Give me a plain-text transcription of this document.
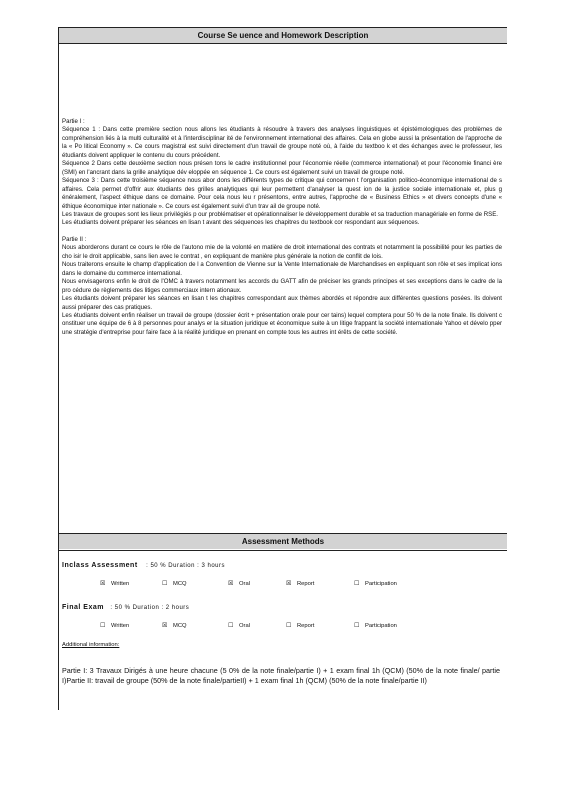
Course Se uence and Homework Description

Partie I :

Séquence 1 : Dans cette première section nous allons les étudiants à résoudre à travers des analyses linguistiques et épistémologiques des problèmes de compréhension liés à la multi culturalité et à l'interdisciplinar ité de l'environnement international des affaires. Cela en globe aussi la présentation de l'approche de la « Po litical Economy ». Ce cours magistral est suivi directement d'un travail de groupe noté où, à l'aide du textboo k et des échanges avec le professeur, les étudiants doivent appliquer le contenu du cours précédent.

Séquence 2 Dans cette deuxième section nous présen tons le cadre institutionnel pour l'économie réelle (commerce international) et pour l'économie financi ère (SMI) en l'ancrant dans la grille analytique dév eloppée en séquence 1. Ce cours est également suivi un travail de groupe noté.

Séquence 3 : Dans cette troisième séquence nous abor dons les différents types de critique qui concernen t l'organisation politico-économique international de s affaires. Cela permet d'offrir aux étudiants des grilles analytiques qui leur permettent d'analyser la quest ion de la justice sociale internationale et, plus g énéralement, l'aspect éthique dans ce domaine. Pour cela nous leu r présentons, entre autres, l'approche de « Business Ethics » et divers concepts d'une « éthique économique inter nationale ». Ce cours est également suivi d'un trav ail de groupe noté.

Les travaux de groupes sont les lieux privilégiés p our problématiser et opérationnaliser le développement durable et sa traduction managériale en forme de RSE.

Les étudiants doivent préparer les séances en lisan t avant des séquences les chapitres du textbook cor respondant aux séquences.

Partie II :

Nous aborderons durant ce cours le rôle de l'autono mie de la volonté en matière de droit international des contrats et notamment la possibilité pour les parties de cho isir le droit applicable, sans lien avec le contrat , en expliquant de manière plus générale la notion de conflit de lois.

Nous traiterons ensuite le champ d'application de l a Convention de Vienne sur la Vente Internationale de Marchandises en expliquant son rôle et ses implicat ions dans le domaine du commerce international.

Nous envisagerons enfin le droit de l'OMC à travers notamment les accords du GATT afin de préciser les grands principes et ses exceptions dans le cadre de la pro cédure de règlements des litiges commerciaux intern ationaux.

Les étudiants doivent préparer les séances en lisan t les chapitres correspondant aux thèmes abordés et répondre aux différentes questions posées. Ils doivent aussi préparer des cas pratiques.

Les étudiants doivent enfin réaliser un travail de groupe (dossier écrit + présentation orale pour cer tains) lequel comptera pour 50 % de la note finale. Ils doivent c onstituer une équipe de 6 à 8 personnes pour analys er la situation juridique et économique suite à un litige frappant la société internationale Yahoo et dévelo pper une stratégie d'entreprise pour faire face à la réalité juridique en prenant en compte tous les autres int érêts de cette société.

Assessment Methods
Inclass Assessment : 50 % Duration : 3 hours
☒ Written	☐ MCQ	☒ Oral	☒ Report	☐ Participation
Final Exam : 50 % Duration : 2 hours
☐ Written	☒ MCQ	☐ Oral	☐ Report	☐ Participation
Additional information:
Partie I: 3 Travaux Dirigés à une heure chacune (5 0% de la note finale/partie I) + 1 exam final 1h (QCM) (50% de la note finale/ partie I)Partie II: travail de groupe (50% de la note finale/partieII) + 1 exam final 1h (QCM) (50% de la note finale/partie II)
